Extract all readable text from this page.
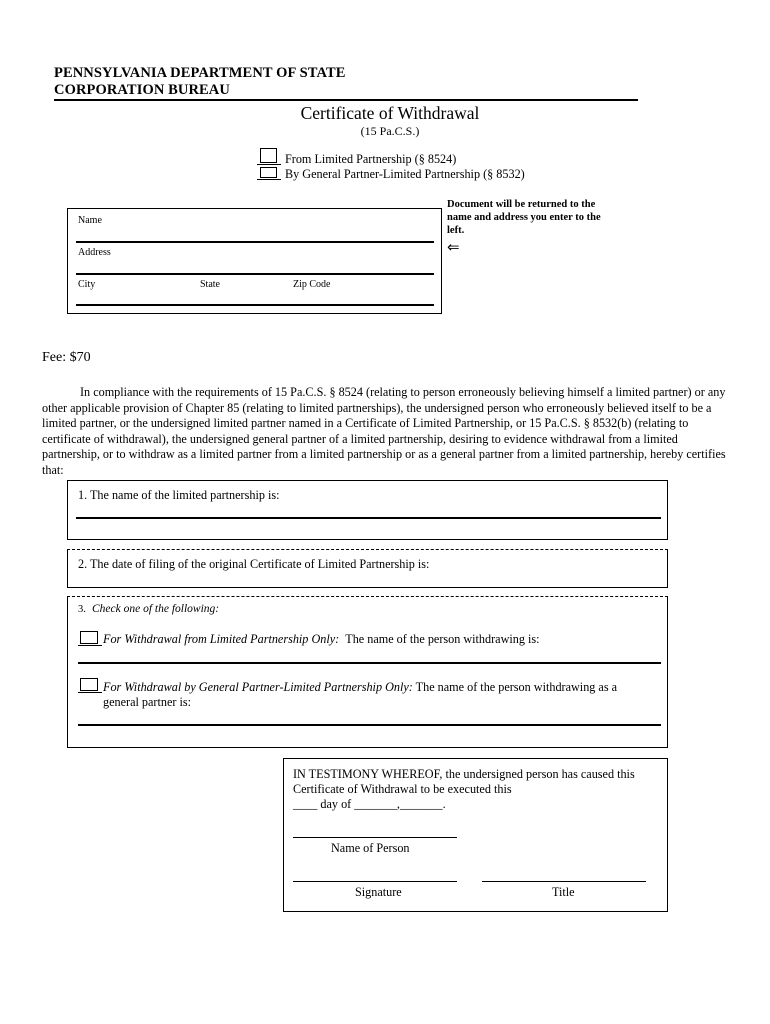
PENNSYLVANIA DEPARTMENT OF STATE
CORPORATION BUREAU
Certificate of Withdrawal
(15 Pa.C.S.)
From Limited Partnership (§ 8524)
By General Partner-Limited Partnership (§ 8532)
Name
Address
City	State	Zip Code
Document will be returned to the name and address you enter to the left.
⇐
Fee: $70
In compliance with the requirements of 15 Pa.C.S. § 8524 (relating to person erroneously believing himself a limited partner) or any other applicable provision of Chapter 85 (relating to limited partnerships), the undersigned person who erroneously believed itself to be a limited partner, or the undersigned limited partner named in a Certificate of Limited Partnership, or 15 Pa.C.S. § 8532(b) (relating to certificate of withdrawal), the undersigned general partner of a limited partnership, desiring to evidence withdrawal from a limited partnership, or to withdraw as a limited partner from a limited partnership or as a general partner from a limited partnership, hereby certifies that:
1. The name of the limited partnership is:
2. The date of filing of the original Certificate of Limited Partnership is:
3. Check one of the following:
For Withdrawal from Limited Partnership Only: The name of the person withdrawing is:
For Withdrawal by General Partner-Limited Partnership Only: The name of the person withdrawing as a
general partner is:
IN TESTIMONY WHEREOF, the undersigned person has caused this
Certificate of Withdrawal to be executed this
____ day of _______,_______.
Name of Person
Signature	Title
